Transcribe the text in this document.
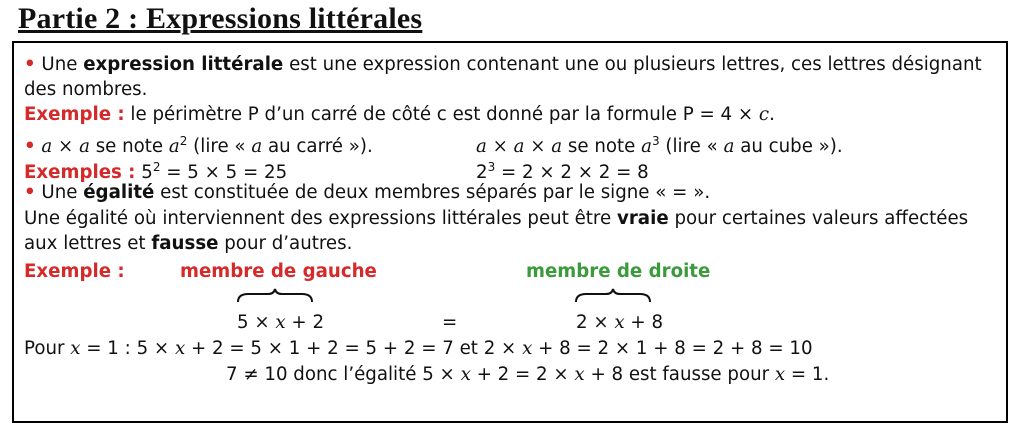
Partie 2 : Expressions littérales
• Une expression littérale est une expression contenant une ou plusieurs lettres, ces lettres désignant
des nombres.
Exemple : le périmètre P d’un carré de côté c est donné par la formule P = 4 × c.
• a × a se note $a^2$ (lire « a au carré »).	a × a × a se note $a^3$ (lire « a au cube »).
Exemples : $5^2 = 5 \times 5 = 25$	$2^3 = 2 \times 2 \times 2 = 8$
• Une égalité est constituée de deux membres séparés par le signe « = ».
Une égalité où interviennent des expressions littérales peut être vraie pour certaines valeurs affectées
aux lettres et fausse pour d’autres.
Exemple :	membre de gauche	membre de droite
5 × x + 2	=	2 × x + 8
Pour x = 1 : 5 × x + 2 = 5 × 1 + 2 = 5 + 2 = 7 et 2 × x + 8 = 2 × 1 + 8 = 2 + 8 = 10
7 ≠ 10 donc l’égalité 5 × x + 2 = 2 × x + 8 est fausse pour x = 1.
